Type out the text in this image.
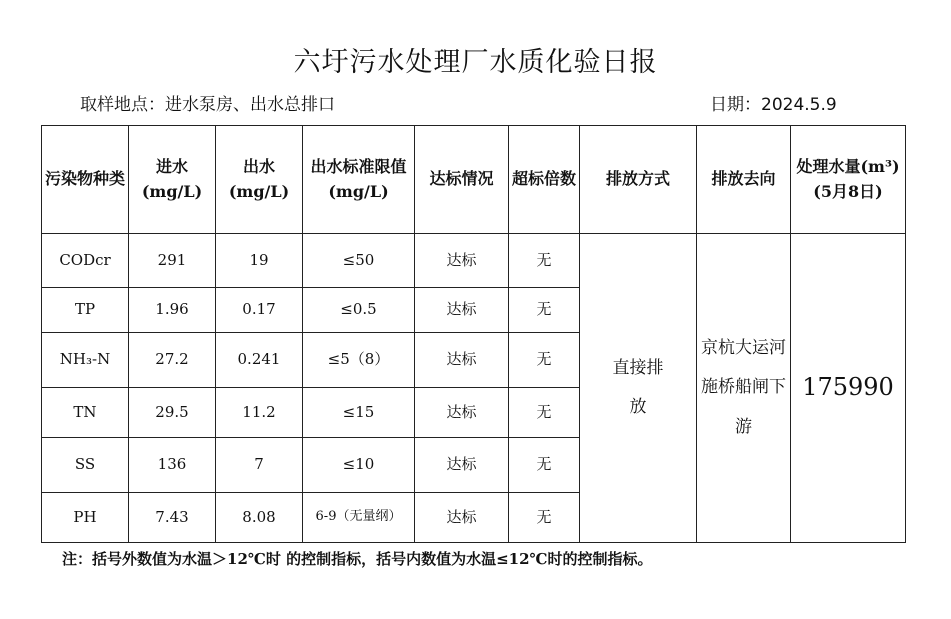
六圩污水处理厂水质化验日报
取样地点：进水泵房、出水总排口	日期：2024.5.9
污染物种类	进水(mg/L)	出水(mg/L)	出水标准限值(mg/L)	达标情况	超标倍数	排放方式	排放去向	处理水量(m³)(5月8日)
CODcr	291	19	≤50	达标	无	直接排放	京杭大运河施桥船闸下游	175990
TP	1.96	0.17	≤0.5	达标	无			
NH₃-N	27.2	0.241	≤5（8）	达标	无			
TN	29.5	11.2	≤15	达标	无			
SS	136	7	≤10	达标	无			
PH	7.43	8.08	6-9（无量纲）	达标	无			
注：括号外数值为水温＞12℃时 的控制指标，括号内数值为水温≤12℃时的控制指标。
